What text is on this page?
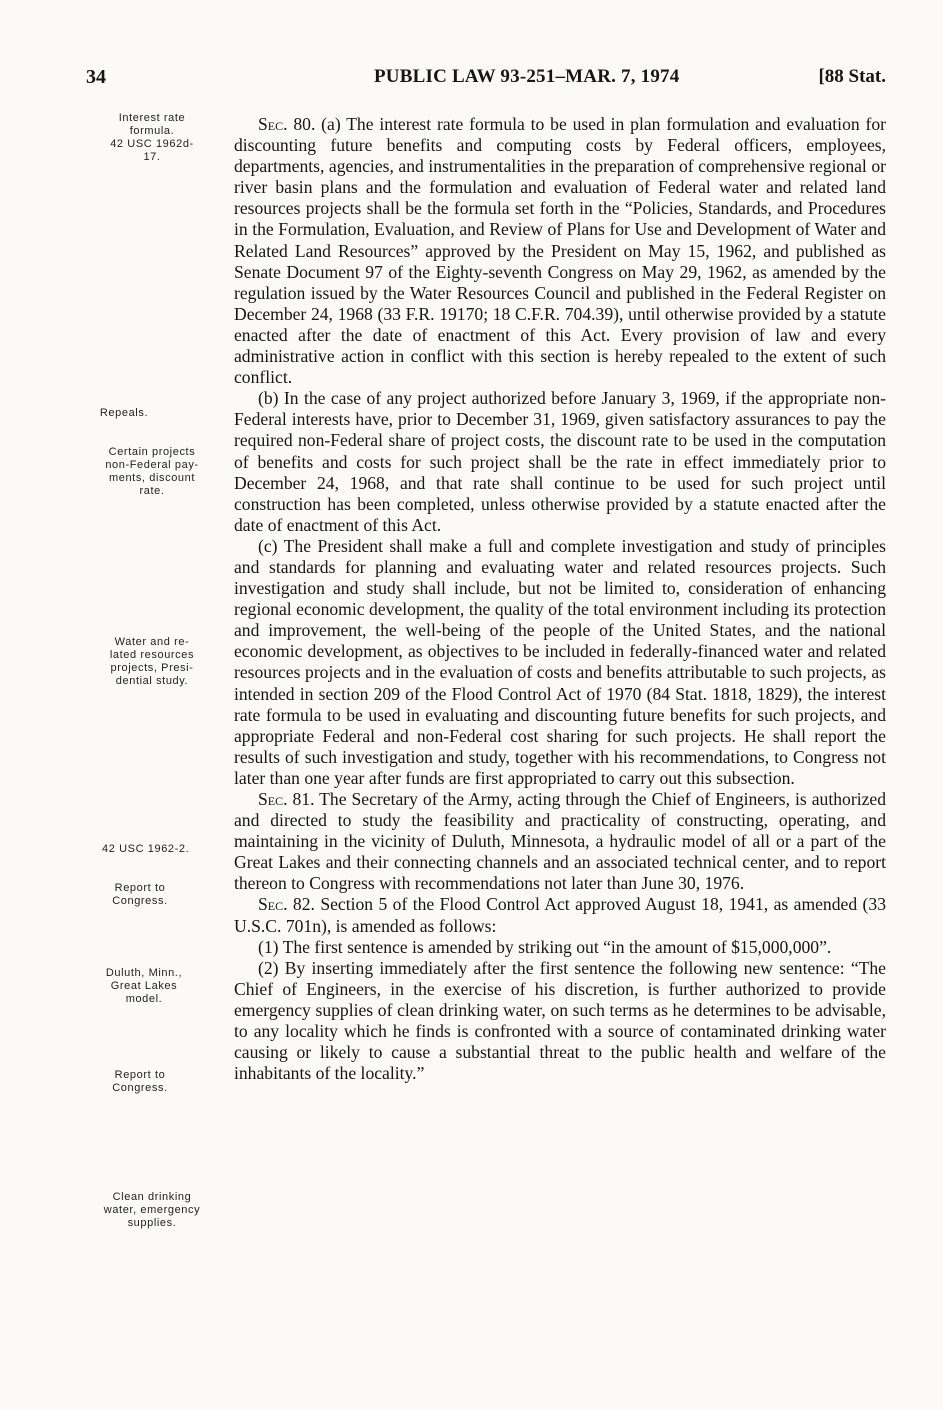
34	PUBLIC LAW 93-251–MAR. 7, 1974	[88 Stat.
Interest rate
formula.
42 USC 1962d-
17.
Repeals.
Certain projects
non-Federal pay-
ments, discount
rate.
Water and re-
lated resources
projects, Presi-
dential study.
42 USC 1962-2.
Report to
Congress.
Duluth, Minn.,
Great Lakes
model.
Report to
Congress.
Clean drinking
water, emergency
supplies.

Sec. 80. (a) The interest rate formula to be used in plan formulation and evaluation for discounting future benefits and computing costs by Federal officers, employees, departments, agencies, and instrumentalities in the preparation of comprehensive regional or river basin plans and the formulation and evaluation of Federal water and related land resources projects shall be the formula set forth in the “Policies, Standards, and Procedures in the Formulation, Evaluation, and Review of Plans for Use and Development of Water and Related Land Resources” approved by the President on May 15, 1962, and published as Senate Document 97 of the Eighty-seventh Congress on May 29, 1962, as amended by the regulation issued by the Water Resources Council and published in the Federal Register on December 24, 1968 (33 F.R. 19170; 18 C.F.R. 704.39), until otherwise provided by a statute enacted after the date of enactment of this Act. Every provision of law and every administrative action in conflict with this section is hereby repealed to the extent of such conflict.

(b) In the case of any project authorized before January 3, 1969, if the appropriate non-Federal interests have, prior to December 31, 1969, given satisfactory assurances to pay the required non-Federal share of project costs, the discount rate to be used in the computation of benefits and costs for such project shall be the rate in effect immediately prior to December 24, 1968, and that rate shall continue to be used for such project until construction has been completed, unless otherwise provided by a statute enacted after the date of enactment of this Act.

(c) The President shall make a full and complete investigation and study of principles and standards for planning and evaluating water and related resources projects. Such investigation and study shall include, but not be limited to, consideration of enhancing regional economic development, the quality of the total environment including its protection and improvement, the well-being of the people of the United States, and the national economic development, as objectives to be included in federally-financed water and related resources projects and in the evaluation of costs and benefits attributable to such projects, as intended in section 209 of the Flood Control Act of 1970 (84 Stat. 1818, 1829), the interest rate formula to be used in evaluating and discounting future benefits for such projects, and appropriate Federal and non-Federal cost sharing for such projects. He shall report the results of such investigation and study, together with his recommendations, to Congress not later than one year after funds are first appropriated to carry out this subsection.

Sec. 81. The Secretary of the Army, acting through the Chief of Engineers, is authorized and directed to study the feasibility and practicality of constructing, operating, and maintaining in the vicinity of Duluth, Minnesota, a hydraulic model of all or a part of the Great Lakes and their connecting channels and an associated technical center, and to report thereon to Congress with recommendations not later than June 30, 1976.

Sec. 82. Section 5 of the Flood Control Act approved August 18, 1941, as amended (33 U.S.C. 701n), is amended as follows:

(1) The first sentence is amended by striking out “in the amount of $15,000,000”.

(2) By inserting immediately after the first sentence the following new sentence: “The Chief of Engineers, in the exercise of his discretion, is further authorized to provide emergency supplies of clean drinking water, on such terms as he determines to be advisable, to any locality which he finds is confronted with a source of contaminated drinking water causing or likely to cause a substantial threat to the public health and welfare of the inhabitants of the locality.”
